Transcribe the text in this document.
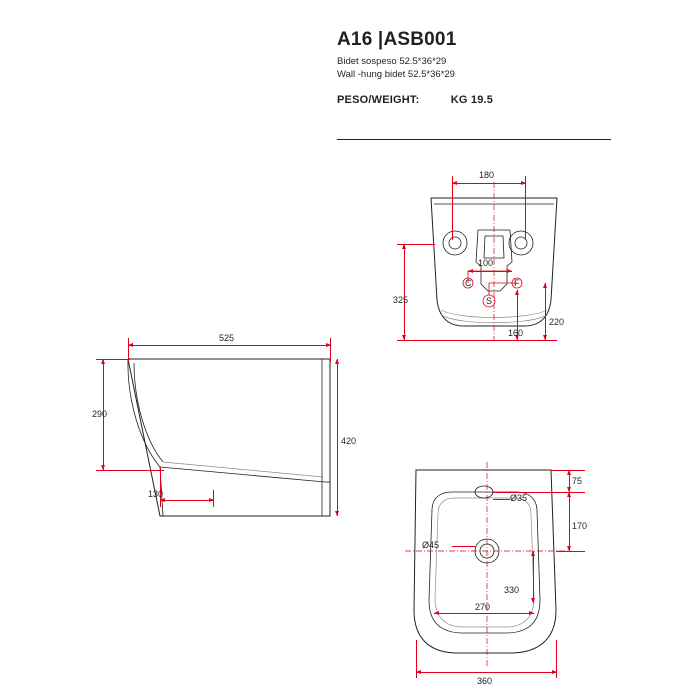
A16 |ASB001
Bidet sospeso 52.5*36*29
Wall -hung bidet 52.5*36*29
PESO/WEIGHT:	KG 19.5
180
100
C	F
S
325
220
160
525
290
420
130	Ø35
Ø45
75
170
330
270
360
